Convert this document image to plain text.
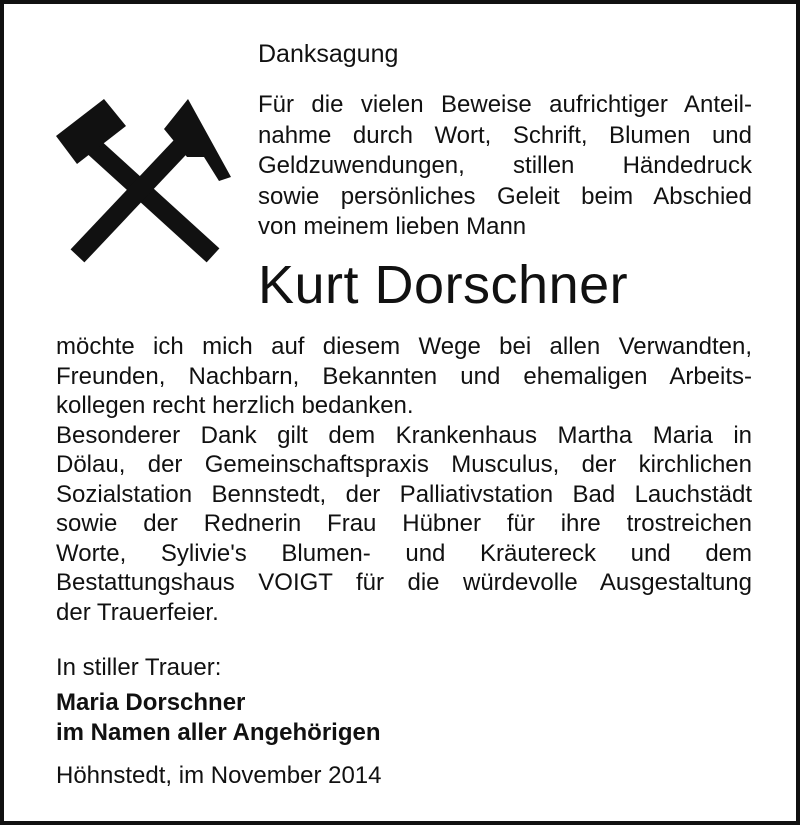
Danksagung

Für die vielen Beweise aufrichtiger Anteil-
nahme durch Wort, Schrift, Blumen und
Geldzuwendungen, stillen Händedruck
sowie persönliches Geleit beim Abschied
von meinem lieben Mann

Kurt Dorschner

möchte ich mich auf diesem Wege bei allen Verwandten,
Freunden, Nachbarn, Bekannten und ehemaligen Arbeits-
kollegen recht herzlich bedanken.
Besonderer Dank gilt dem Krankenhaus Martha Maria in
Dölau, der Gemeinschaftspraxis Musculus, der kirchlichen
Sozialstation Bennstedt, der Palliativstation Bad Lauchstädt
sowie der Rednerin Frau Hübner für ihre trostreichen
Worte, Sylivie's Blumen- und Kräutereck und dem
Bestattungshaus VOIGT für die würdevolle Ausgestaltung
der Trauerfeier.

In stiller Trauer:

Maria Dorschner
im Namen aller Angehörigen

Höhnstedt, im November 2014
